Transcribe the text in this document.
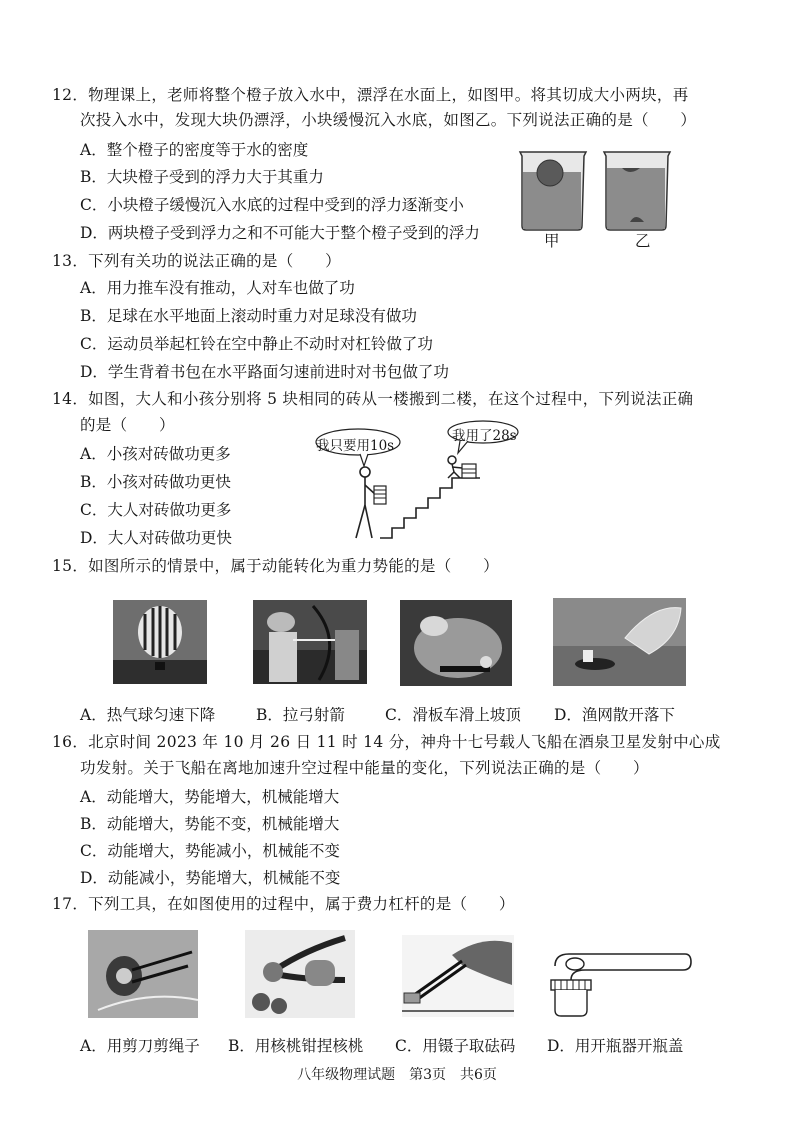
12．物理课上，老师将整个橙子放入水中，漂浮在水面上，如图甲。将其切成大小两块，再
次投入水中，发现大块仍漂浮，小块缓慢沉入水底，如图乙。下列说法正确的是（　　）
A．整个橙子的密度等于水的密度
B．大块橙子受到的浮力大于其重力
C．小块橙子缓慢沉入水底的过程中受到的浮力逐渐变小
D．两块橙子受到浮力之和不可能大于整个橙子受到的浮力	甲	乙
13．下列有关功的说法正确的是（　　）
A．用力推车没有推动，人对车也做了功
B．足球在水平地面上滚动时重力对足球没有做功
C．运动员举起杠铃在空中静止不动时对杠铃做了功
D．学生背着书包在水平路面匀速前进时对书包做了功
14．如图，大人和小孩分别将 5 块相同的砖从一楼搬到二楼，在这个过程中，下列说法正确
的是（　　）
A．小孩对砖做功更多
B．小孩对砖做功更快
C．大人对砖做功更多
D．大人对砖做功更快
我只要用10s
我用了28s
15．如图所示的情景中，属于动能转化为重力势能的是（　　）
A．热气球匀速下降	B．拉弓射箭	C．滑板车滑上坡顶 D．渔网散开落下
16．北京时间 2023 年 10 月 26 日 11 时 14 分，神舟十七号载人飞船在酒泉卫星发射中心成
功发射。关于飞船在离地加速升空过程中能量的变化，下列说法正确的是（　　）
A．动能增大，势能增大，机械能增大
B．动能增大，势能不变，机械能增大
C．动能增大，势能减小，机械能不变
D．动能减小，势能增大，机械能不变
17．下列工具，在如图使用的过程中，属于费力杠杆的是（　　）
A．用剪刀剪绳子 B．用核桃钳捏核桃 C．用镊子取砝码 D．用开瓶器开瓶盖
八年级物理试题　第3页　共6页
